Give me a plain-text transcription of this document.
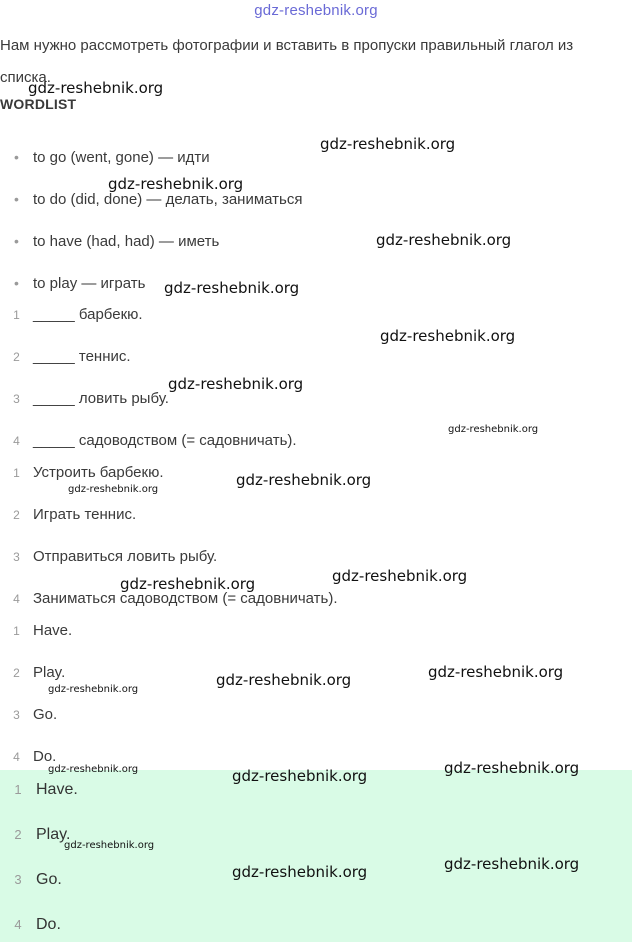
gdz-reshebnik.org
Нам нужно рассмотреть фотографии и вставить в пропуски правильный глагол из списка.
WORDLIST
• to go (went, gone) — идти
• to do (did, done) — делать, заниматься
• to have (had, had) — иметь
• to play — играть
1 _____ барбекю.
2 _____ теннис.
3 _____ ловить рыбу.
4 _____ садоводством (= садовничать).
1 Устроить барбекю.
2 Играть теннис.
3 Отправиться ловить рыбу.
4 Заниматься садоводством (= садовничать).
1 Have.
2 Play.
3 Go.
4 Do.
1 Have.
2 Play.
3 Go.
4 Do.
gdz-reshebnik.org
gdz-reshebnik.org
gdz-reshebnik.org
gdz-reshebnik.org
gdz-reshebnik.org
gdz-reshebnik.org
gdz-reshebnik.org
gdz-reshebnik.org
gdz-reshebnik.org
gdz-reshebnik.org
gdz-reshebnik.org
gdz-reshebnik.org
gdz-reshebnik.org
gdz-reshebnik.org
gdz-reshebnik.org
gdz-reshebnik.org
gdz-reshebnik.org	gdz-reshebnik.org
gdz-reshebnik.org
gdz-reshebnik.org
gdz-reshebnik.org
